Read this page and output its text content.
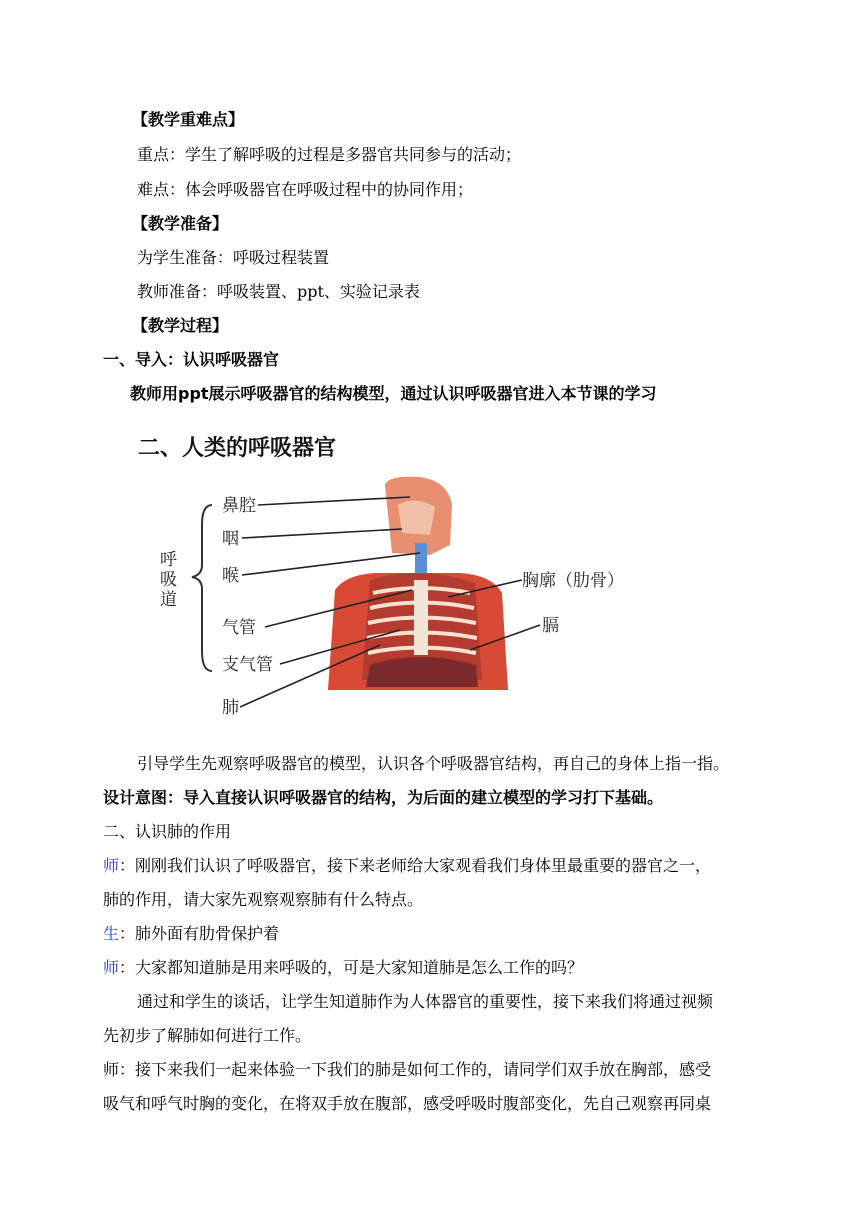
【教学重难点】
重点：学生了解呼吸的过程是多器官共同参与的活动；
难点：体会呼吸器官在呼吸过程中的协同作用；
【教学准备】
为学生准备：呼吸过程装置
教师准备：呼吸装置、ppt、实验记录表
【教学过程】
一、导入：认识呼吸器官
教师用ppt展示呼吸器官的结构模型，通过认识呼吸器官进入本节课的学习
二、人类的呼吸器官
呼
吸
道
鼻腔
咽
喉
气管
支气管
肺
胸廓（肋骨）
膈
引导学生先观察呼吸器官的模型，认识各个呼吸器官结构，再自己的身体上指一指。
设计意图：导入直接认识呼吸器官的结构，为后面的建立模型的学习打下基础。
二、认识肺的作用
师：刚刚我们认识了呼吸器官，接下来老师给大家观看我们身体里最重要的器官之一，
肺的作用，请大家先观察观察肺有什么特点。
生：肺外面有肋骨保护着
师：大家都知道肺是用来呼吸的，可是大家知道肺是怎么工作的吗？
通过和学生的谈话，让学生知道肺作为人体器官的重要性，接下来我们将通过视频
先初步了解肺如何进行工作。
师：接下来我们一起来体验一下我们的肺是如何工作的，请同学们双手放在胸部，感受
吸气和呼气时胸的变化，在将双手放在腹部，感受呼吸时腹部变化，先自己观察再同桌
